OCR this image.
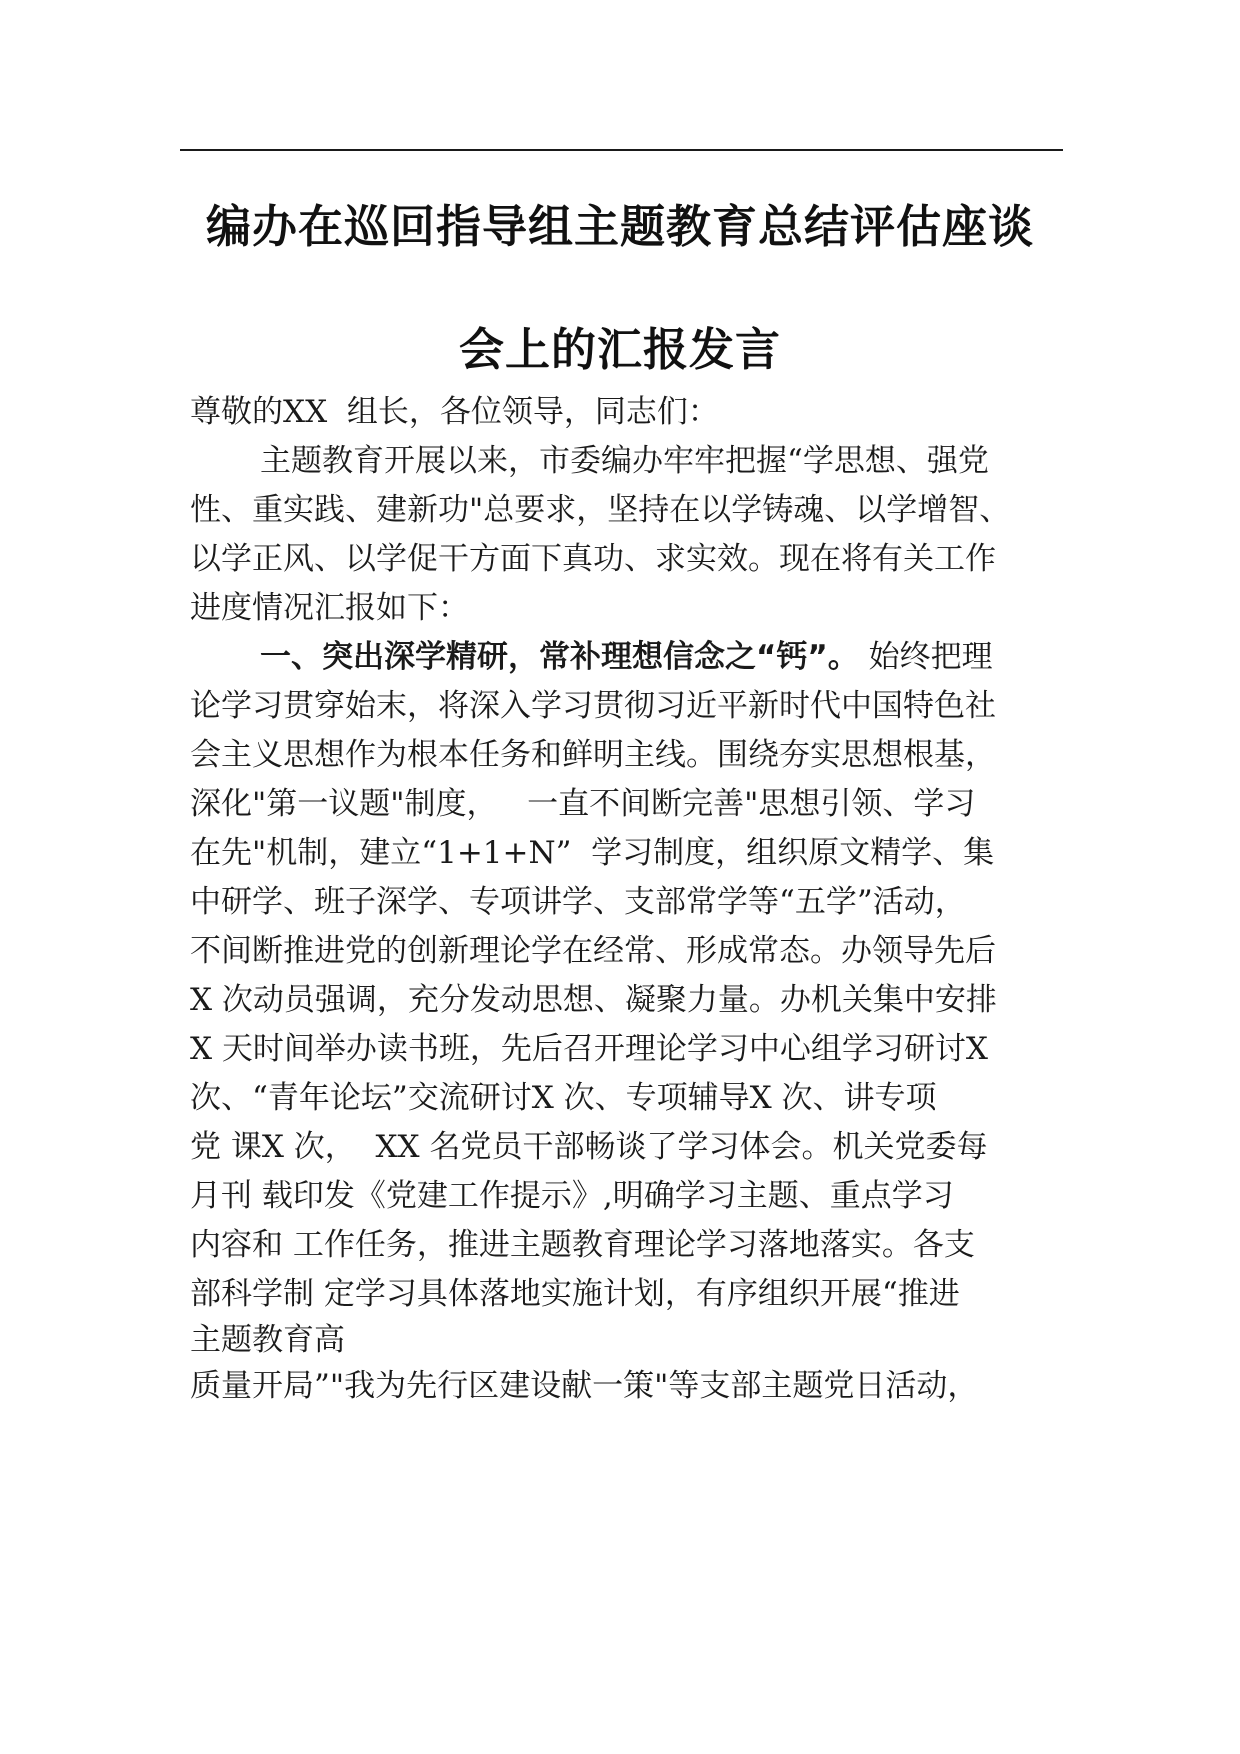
编办在巡回指导组主题教育总结评估座谈
会上的汇报发言
尊敬的XX  组长，各位领导，同志们：
主题教育开展以来，市委编办牢牢把握“学思想、强党
性、重实践、建新功"总要求，坚持在以学铸魂、以学增智、
以学正风、以学促干方面下真功、求实效。现在将有关工作
进度情况汇报如下：
一、突出深学精研，常补理想信念之“钙”。 始终把理
论学习贯穿始末，将深入学习贯彻习近平新时代中国特色社
会主义思想作为根本任务和鲜明主线。围绕夯实思想根基，
深化"第一议题"制度，   一直不间断完善"思想引领、学习
在先"机制，建立“1+1+N”  学习制度，组织原文精学、集
中研学、班子深学、专项讲学、支部常学等“五学”活动，
不间断推进党的创新理论学在经常、形成常态。办领导先后
X 次动员强调，充分发动思想、凝聚力量。办机关集中安排
X 天时间举办读书班，先后召开理论学习中心组学习研讨X
次、“青年论坛”交流研讨X 次、专项辅导X 次、讲专项
党 课X 次，  XX 名党员干部畅谈了学习体会。机关党委每
月刊 载印发《党建工作提示》,明确学习主题、重点学习
内容和 工作任务，推进主题教育理论学习落地落实。各支
部科学制 定学习具体落地实施计划，有序组织开展“推进
主题教育高
质量开局”"我为先行区建设献一策"等支部主题党日活动，
